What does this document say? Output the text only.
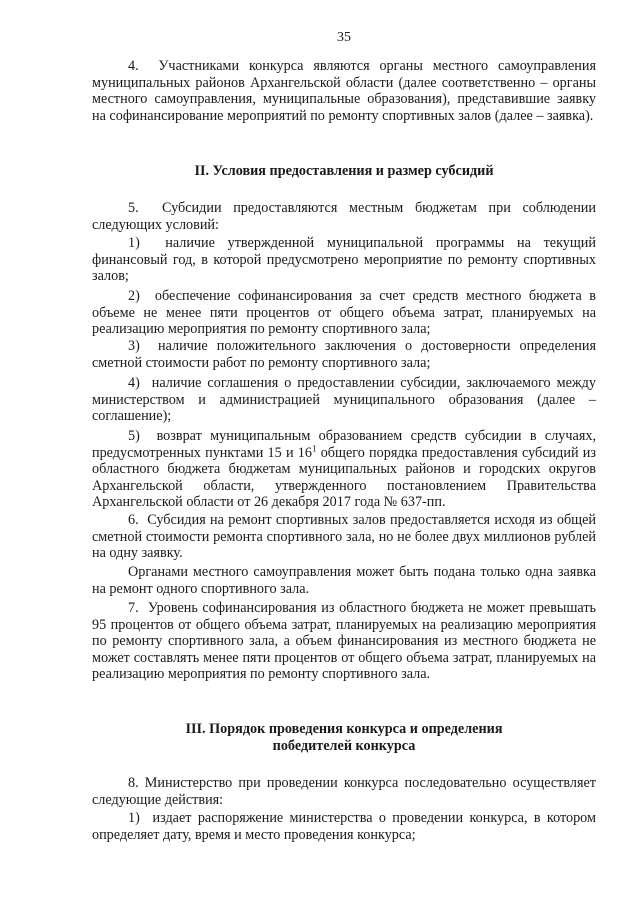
35

4.  Участниками конкурса являются органы местного самоуправления муниципальных районов Архангельской области (далее соответственно – органы местного самоуправления, муниципальные образования), представившие заявку на софинансирование мероприятий по ремонту спортивных залов (далее – заявка).

II. Условия предоставления и размер субсидий

5.  Субсидии предоставляются местным бюджетам при соблюдении следующих условий:

1)  наличие утвержденной муниципальной программы на текущий финансовый год, в которой предусмотрено мероприятие по ремонту спортивных залов;

2)  обеспечение софинансирования за счет средств местного бюджета в объеме не менее пяти процентов от общего объема затрат, планируемых на реализацию мероприятия по ремонту спортивного зала;

3)  наличие положительного заключения о достоверности определения сметной стоимости работ по ремонту спортивного зала;

4)  наличие соглашения о предоставлении субсидии, заключаемого между министерством и администрацией муниципального образования (далее – соглашение);

5)  возврат муниципальным образованием средств субсидии в случаях, предусмотренных пунктами 15 и $16^1$ общего порядка предоставления субсидий из областного бюджета бюджетам муниципальных районов и городских округов Архангельской области, утвержденного постановлением Правительства Архангельской области от 26 декабря 2017 года № 637-пп.

6.  Субсидия на ремонт спортивных залов предоставляется исходя из общей сметной стоимости ремонта спортивного зала, но не более двух миллионов рублей на одну заявку.

Органами местного самоуправления может быть подана только одна заявка на ремонт одного спортивного зала.

7.  Уровень софинансирования из областного бюджета не может превышать 95 процентов от общего объема затрат, планируемых на реализацию мероприятия по ремонту спортивного зала, а объем финансирования из местного бюджета не может составлять менее пяти процентов от общего объема затрат, планируемых на реализацию мероприятия по ремонту спортивного зала.

III. Порядок проведения конкурса и определения
победителей конкурса

8. Министерство при проведении конкурса последовательно осуществляет следующие действия:

1)  издает распоряжение министерства о проведении конкурса, в котором определяет дату, время и место проведения конкурса;
